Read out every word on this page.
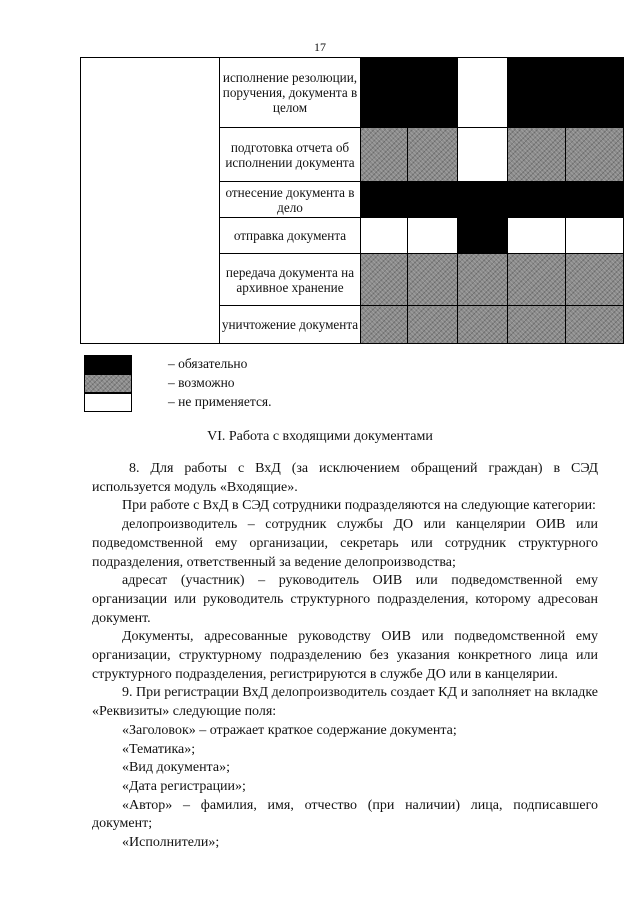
17
	исполнение резолюции, поручения, документа в целом					
	подготовка отчета об исполнении документа					
	отнесение документа в дело					
	отправка документа					
	передача документа на архивное хранение					
	уничтожение документа					
– обязательно
– возможно
– не применяется.
VI. Работа с входящими документами

8. Для работы с ВхД (за исключением обращений граждан) в СЭД используется модуль «Входящие».

При работе с ВхД в СЭД сотрудники подразделяются на следующие категории:

делопроизводитель – сотрудник службы ДО или канцелярии ОИВ или подведомственной ему организации, секретарь или сотрудник структурного подразделения, ответственный за ведение делопроизводства;

адресат (участник) – руководитель ОИВ или подведомственной ему организации или руководитель структурного подразделения, которому адресован документ.

Документы, адресованные руководству ОИВ или подведомственной ему организации, структурному подразделению без указания конкретного лица или структурного подразделения, регистрируются в службе ДО или в канцелярии.

9. При регистрации ВхД делопроизводитель создает КД и заполняет на вкладке «Реквизиты» следующие поля:

«Заголовок» – отражает краткое содержание документа;

«Тематика»;

«Вид документа»;

«Дата регистрации»;

«Автор» – фамилия, имя, отчество (при наличии) лица, подписавшего документ;

«Исполнители»;
